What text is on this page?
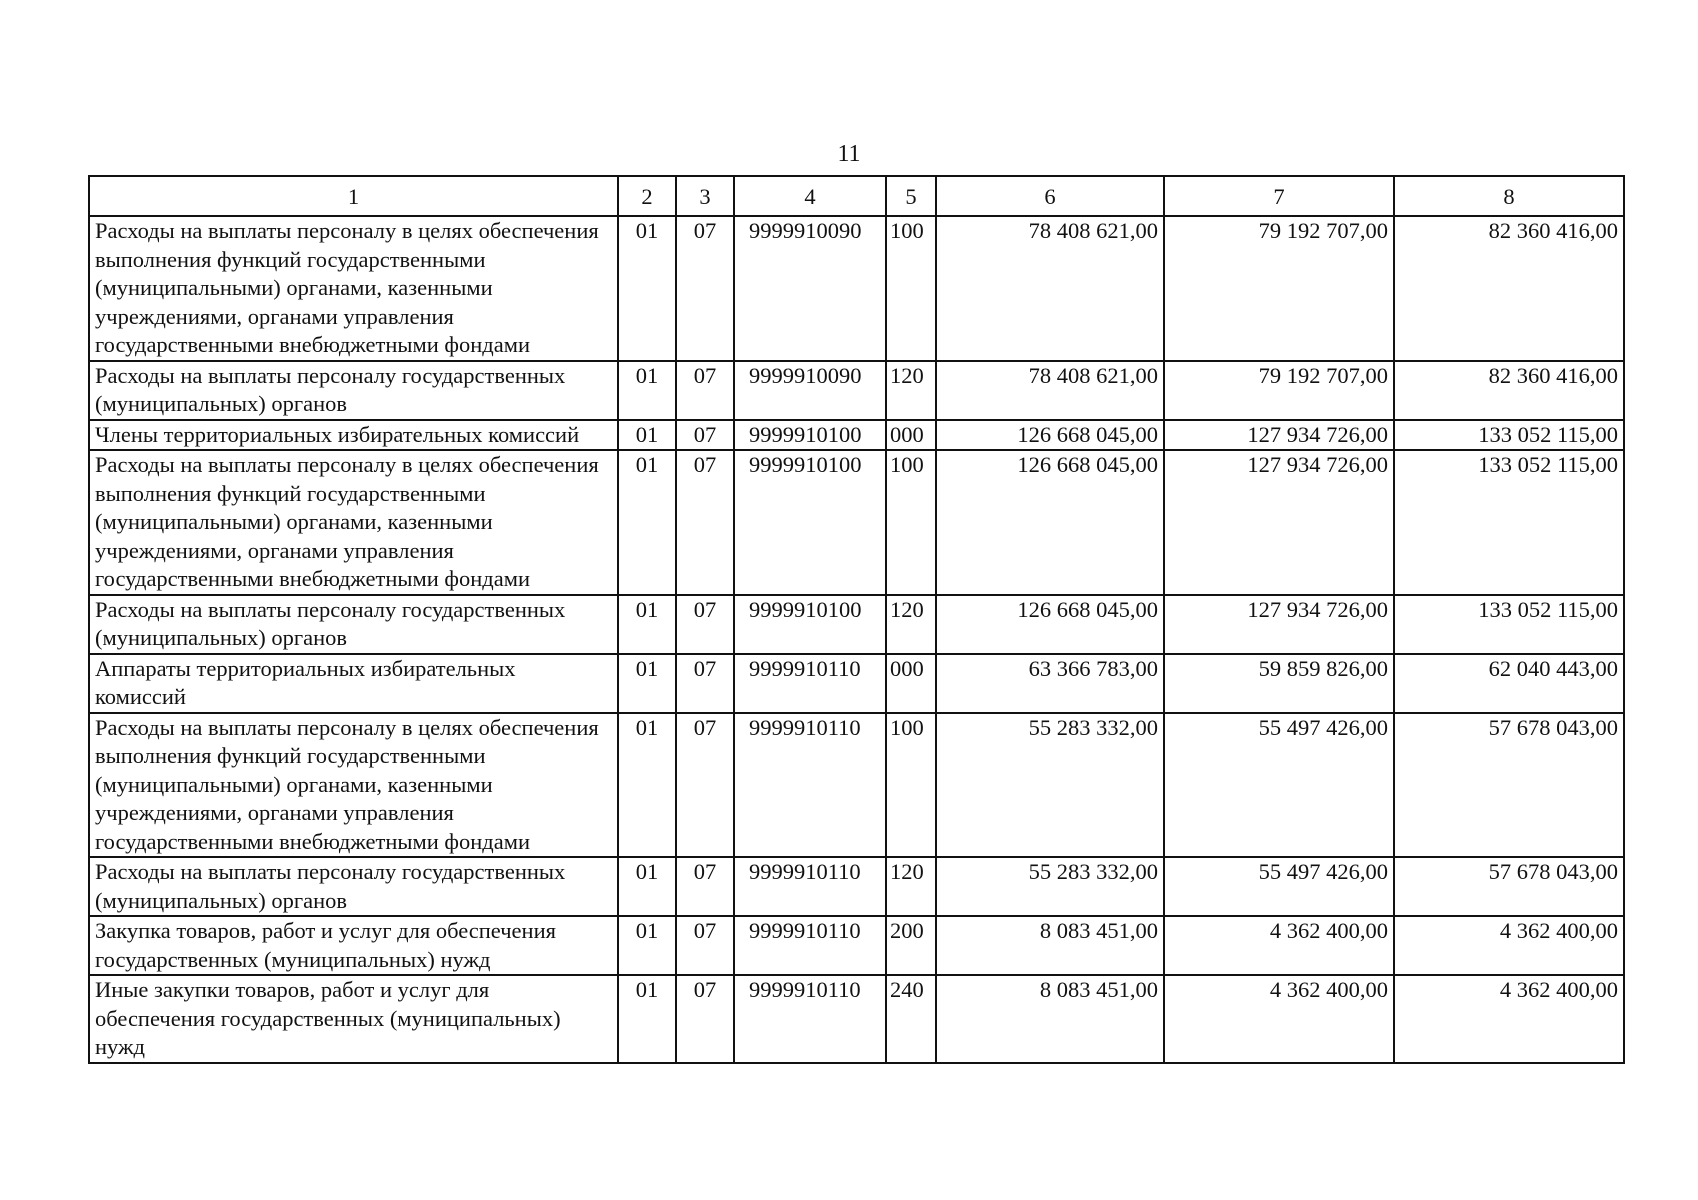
11
1	2	3	4	5	6	7	8
Расходы на выплаты персоналу в целях обеспечения выполнения функций государственными (муниципальными) органами, казенными учреждениями, органами управления государственными внебюджетными фондами	01	07	9999910090	100	78 408 621,00	79 192 707,00	82 360 416,00
Расходы на выплаты персоналу государственных (муниципальных) органов	01	07	9999910090	120	78 408 621,00	79 192 707,00	82 360 416,00
Члены территориальных избирательных комиссий	01	07	9999910100	000	126 668 045,00	127 934 726,00	133 052 115,00
Расходы на выплаты персоналу в целях обеспечения выполнения функций государственными (муниципальными) органами, казенными учреждениями, органами управления государственными внебюджетными фондами	01	07	9999910100	100	126 668 045,00	127 934 726,00	133 052 115,00
Расходы на выплаты персоналу государственных (муниципальных) органов	01	07	9999910100	120	126 668 045,00	127 934 726,00	133 052 115,00
Аппараты территориальных избирательных комиссий	01	07	9999910110	000	63 366 783,00	59 859 826,00	62 040 443,00
Расходы на выплаты персоналу в целях обеспечения выполнения функций государственными (муниципальными) органами, казенными учреждениями, органами управления государственными внебюджетными фондами	01	07	9999910110	100	55 283 332,00	55 497 426,00	57 678 043,00
Расходы на выплаты персоналу государственных (муниципальных) органов	01	07	9999910110	120	55 283 332,00	55 497 426,00	57 678 043,00
Закупка товаров, работ и услуг для обеспечения государственных (муниципальных) нужд	01	07	9999910110	200	8 083 451,00	4 362 400,00	4 362 400,00
Иные закупки товаров, работ и услуг для обеспечения государственных (муниципальных) нужд	01	07	9999910110	240	8 083 451,00	4 362 400,00	4 362 400,00
